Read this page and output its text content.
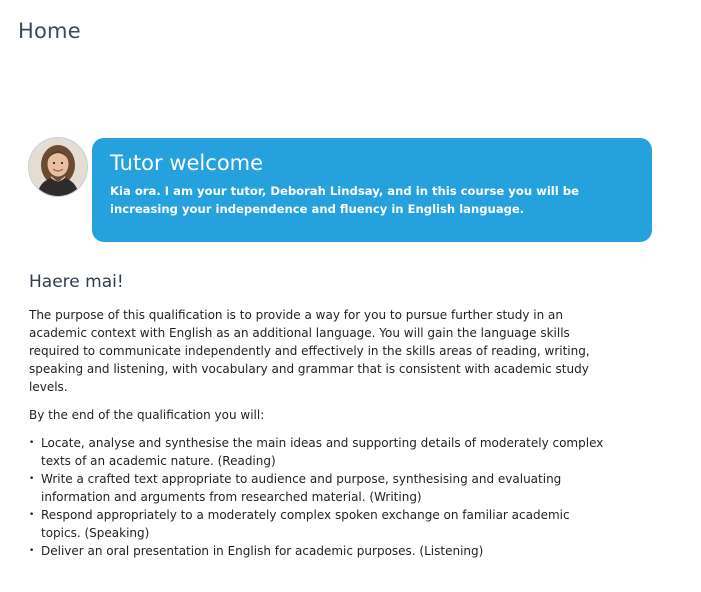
Home
Tutor welcome

Kia ora. I am your tutor, Deborah Lindsay, and in this course you will be increasing your independence and fluency in English language.

Haere mai!

The purpose of this qualification is to provide a way for you to pursue further study in an academic context with English as an additional language. You will gain the language skills required to communicate independently and effectively in the skills areas of reading, writing, speaking and listening, with vocabulary and grammar that is consistent with academic study levels.

By the end of the qualification you will:

• Locate, analyse and synthesise the main ideas and supporting details of moderately complex texts of an academic nature. (Reading)
• Write a crafted text appropriate to audience and purpose, synthesising and evaluating information and arguments from researched material. (Writing)
• Respond appropriately to a moderately complex spoken exchange on familiar academic topics. (Speaking)
• Deliver an oral presentation in English for academic purposes. (Listening)
